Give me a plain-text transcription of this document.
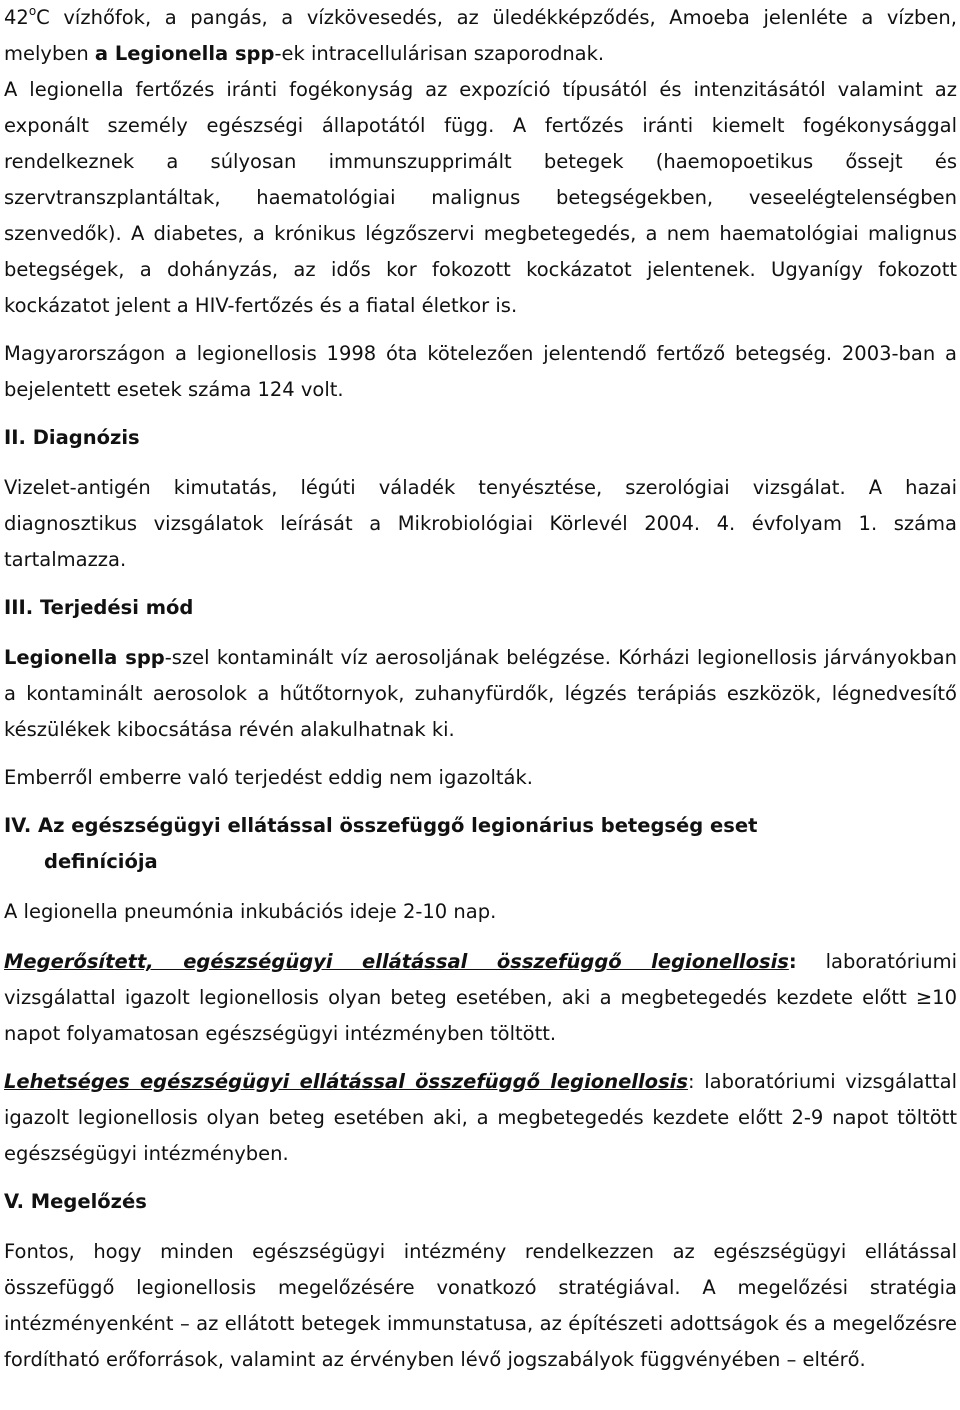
42$^o$C vízhőfok, a pangás, a vízkövesedés, az üledékképződés, Amoeba jelenléte a vízben, melyben a Legionella spp-ek intracellulárisan szaporodnak.

A legionella fertőzés iránti fogékonyság az expozíció típusától és intenzitásától valamint az exponált személy egészségi állapotától függ. A fertőzés iránti kiemelt fogékonysággal rendelkeznek a súlyosan immunszupprimált betegek (haemopoetikus őssejt és szervtranszplantáltak, haematológiai malignus betegségekben, veseelégtelenségben szenvedők). A diabetes, a krónikus légzőszervi megbetegedés, a nem haematológiai malignus betegségek, a dohányzás, az idős kor fokozott kockázatot jelentenek. Ugyanígy fokozott kockázatot jelent a HIV-fertőzés és a fiatal életkor is.

Magyarországon a legionellosis 1998 óta kötelezően jelentendő fertőző betegség. 2003-ban a bejelentett esetek száma 124 volt.

II. Diagnózis

Vizelet-antigén kimutatás, légúti váladék tenyésztése, szerológiai vizsgálat. A hazai diagnosztikus vizsgálatok leírását a Mikrobiológiai Körlevél 2004. 4. évfolyam 1. száma tartalmazza.

III. Terjedési mód

Legionella spp-szel kontaminált víz aerosoljának belégzése. Kórházi legionellosis járványokban a kontaminált aerosolok a hűtőtornyok, zuhanyfürdők, légzés terápiás eszközök, légnedvesítő készülékek kibocsátása révén alakulhatnak ki.

Emberről emberre való terjedést eddig nem igazolták.

IV. Az egészségügyi ellátással összefüggő legionárius betegség eset
definíciója

A legionella pneumónia inkubációs ideje 2-10 nap.

Megerősített, egészségügyi ellátással összefüggő legionellosis: laboratóriumi vizsgálattal igazolt legionellosis olyan beteg esetében, aki a megbetegedés kezdete előtt ≥10 napot folyamatosan egészségügyi intézményben töltött.

Lehetséges egészségügyi ellátással összefüggő legionellosis: laboratóriumi vizsgálattal igazolt legionellosis olyan beteg esetében aki, a megbetegedés kezdete előtt 2-9 napot töltött egészségügyi intézményben.

V. Megelőzés

Fontos, hogy minden egészségügyi intézmény rendelkezzen az egészségügyi ellátással összefüggő legionellosis megelőzésére vonatkozó stratégiával. A megelőzési stratégia intézményenként – az ellátott betegek immunstatusa, az építészeti adottságok és a megelőzésre fordítható erőforrások, valamint az érvényben lévő jogszabályok függvényében – eltérő.
